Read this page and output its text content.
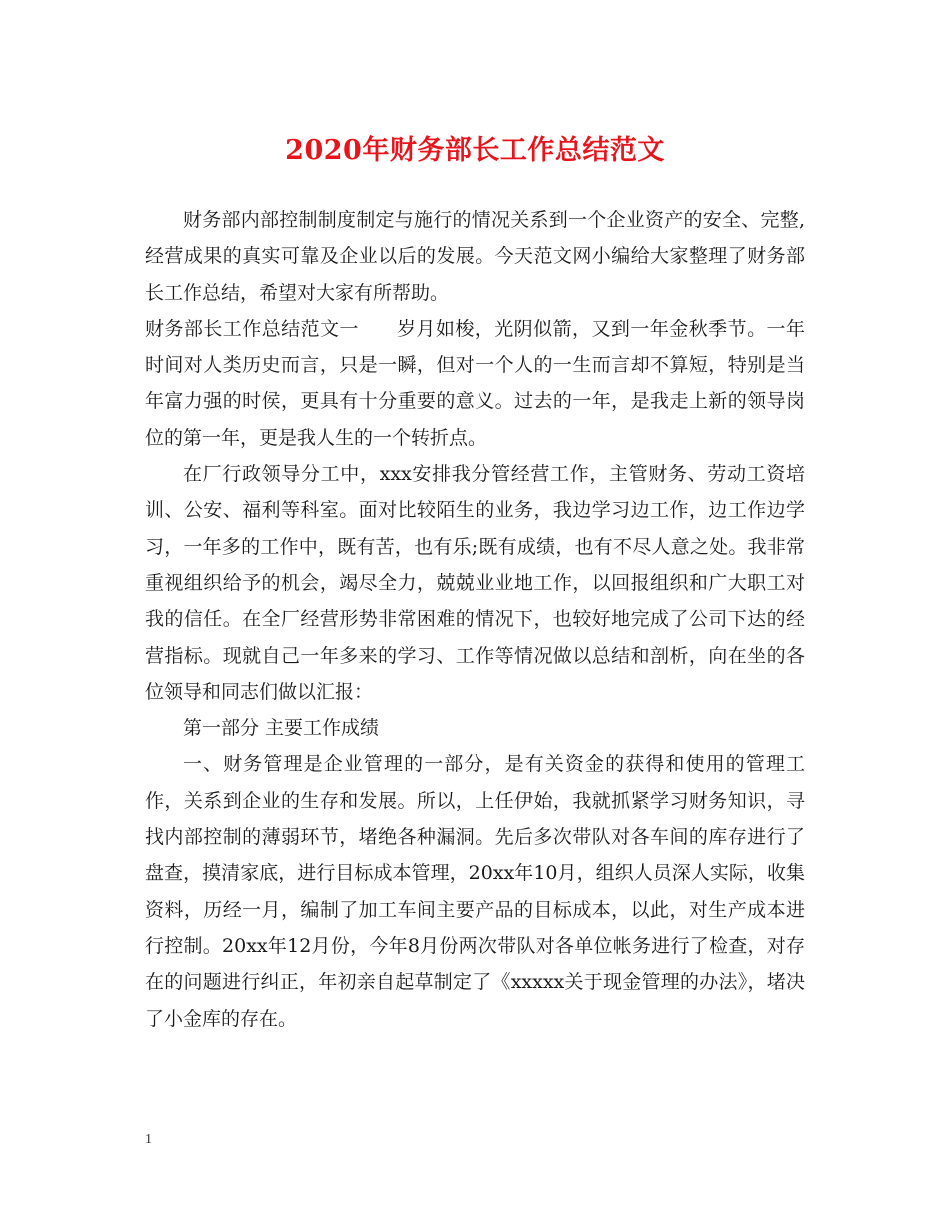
2020年财务部长工作总结范文

财务部内部控制制度制定与施行的情况关系到一个企业资产的安全、完整,经营成果的真实可靠及企业以后的发展。今天范文网小编给大家整理了财务部长工作总结，希望对大家有所帮助。

财务部长工作总结范文一 岁月如梭，光阴似箭，又到一年金秋季节。一年时间对人类历史而言，只是一瞬，但对一个人的一生而言却不算短，特别是当年富力强的时侯，更具有十分重要的意义。过去的一年，是我走上新的领导岗位的第一年，更是我人生的一个转折点。

在厂行政领导分工中，xxx安排我分管经营工作，主管财务、劳动工资培训、公安、福利等科室。面对比较陌生的业务，我边学习边工作，边工作边学习，一年多的工作中，既有苦，也有乐;既有成绩，也有不尽人意之处。我非常重视组织给予的机会，竭尽全力，兢兢业业地工作，以回报组织和广大职工对我的信任。在全厂经营形势非常困难的情况下，也较好地完成了公司下达的经营指标。现就自己一年多来的学习、工作等情况做以总结和剖析，向在坐的各位领导和同志们做以汇报：

第一部分 主要工作成绩

一、财务管理是企业管理的一部分，是有关资金的获得和使用的管理工作，关系到企业的生存和发展。所以，上任伊始，我就抓紧学习财务知识，寻找内部控制的薄弱环节，堵绝各种漏洞。先后多次带队对各车间的库存进行了盘查，摸清家底，进行目标成本管理，20xx年10月，组织人员深人实际，收集资料，历经一月，编制了加工车间主要产品的目标成本，以此，对生产成本进行控制。20xx年12月份，今年8月份两次带队对各单位帐务进行了检查，对存在的问题进行纠正，年初亲自起草制定了《xxxxx关于现金管理的办法》，堵决了小金库的存在。

1
